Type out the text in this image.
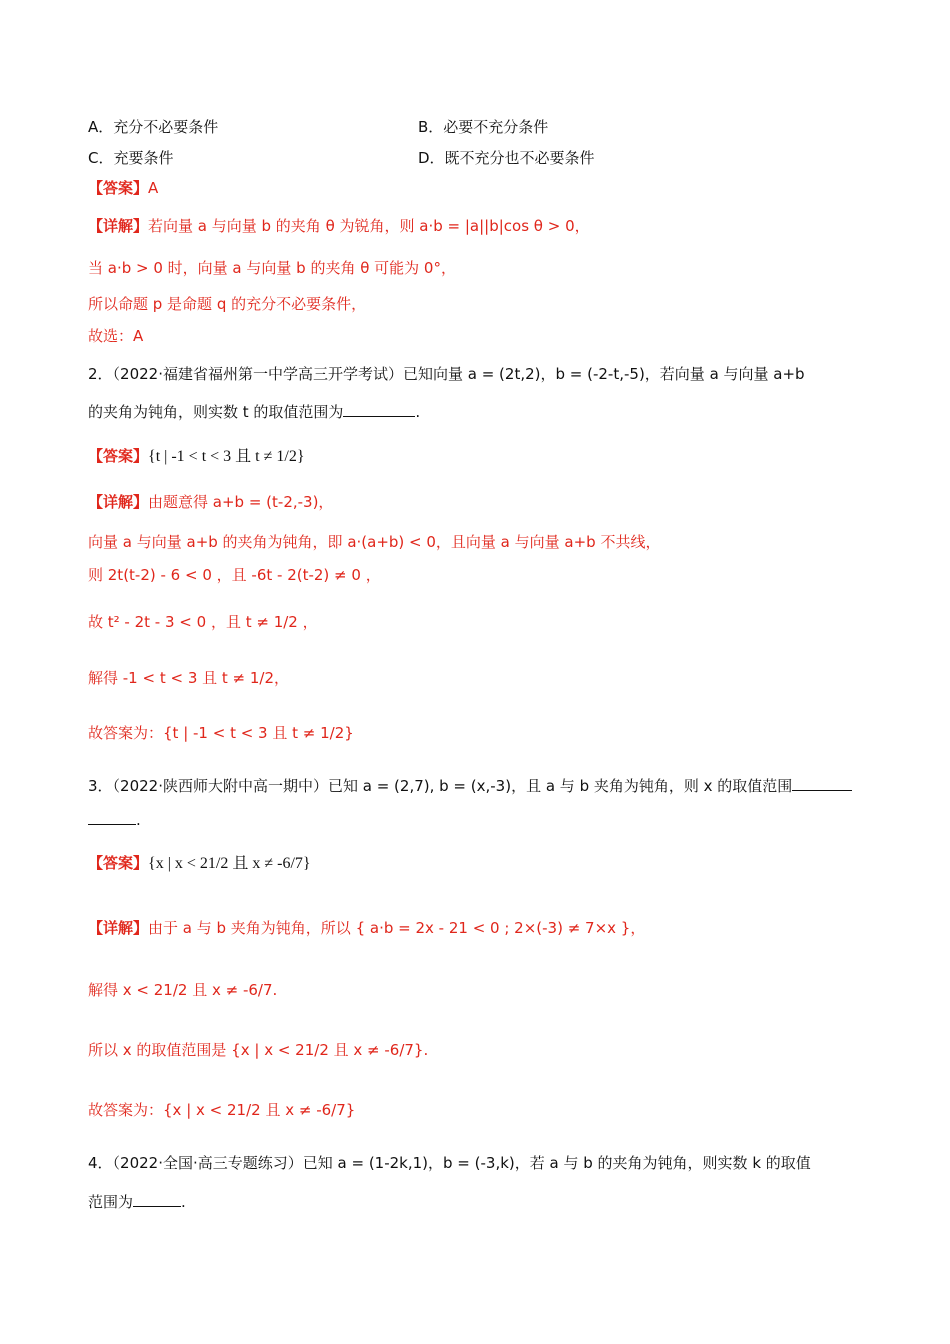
A．充分不必要条件	B．必要不充分条件
C．充要条件	D．既不充分也不必要条件
【答案】A
【详解】若向量 a 与向量 b 的夹角 θ 为锐角，则 a·b = |a||b|cos θ > 0，
当 a·b > 0 时，向量 a 与向量 b 的夹角 θ 可能为 0°，
所以命题 p 是命题 q 的充分不必要条件，
故选：A
2．（2022·福建省福州第一中学高三开学考试）已知向量 a = (2t,2)，b = (-2-t,-5)，若向量 a 与向量 a+b
的夹角为钝角，则实数 t 的取值范围为	.
【答案】{t | -1 < t < 3 且 t ≠ 1/2}
【详解】由题意得 a+b = (t-2,-3)，
向量 a 与向量 a+b 的夹角为钝角，即 a·(a+b) < 0，且向量 a 与向量 a+b 不共线，
则 2t(t-2) - 6 < 0 ，且 -6t - 2(t-2) ≠ 0 ，
故 t² - 2t - 3 < 0 ，且 t ≠ 1/2 ，
解得 -1 < t < 3 且 t ≠ 1/2，
故答案为：{t | -1 < t < 3 且 t ≠ 1/2}
3．（2022·陕西师大附中高一期中）已知 a = (2,7), b = (x,-3)，且 a 与 b 夹角为钝角，则 x 的取值范围
.
【答案】{x | x < 21/2 且 x ≠ -6/7}
【详解】由于 a 与 b 夹角为钝角，所以 { a·b = 2x - 21 < 0 ; 2×(-3) ≠ 7×x }，
解得 x < 21/2 且 x ≠ -6/7.
所以 x 的取值范围是 {x | x < 21/2 且 x ≠ -6/7}.
故答案为：{x | x < 21/2 且 x ≠ -6/7}
4．（2022·全国·高三专题练习）已知 a = (1-2k,1)，b = (-3,k)，若 a 与 b 的夹角为钝角，则实数 k 的取值
范围为	.
